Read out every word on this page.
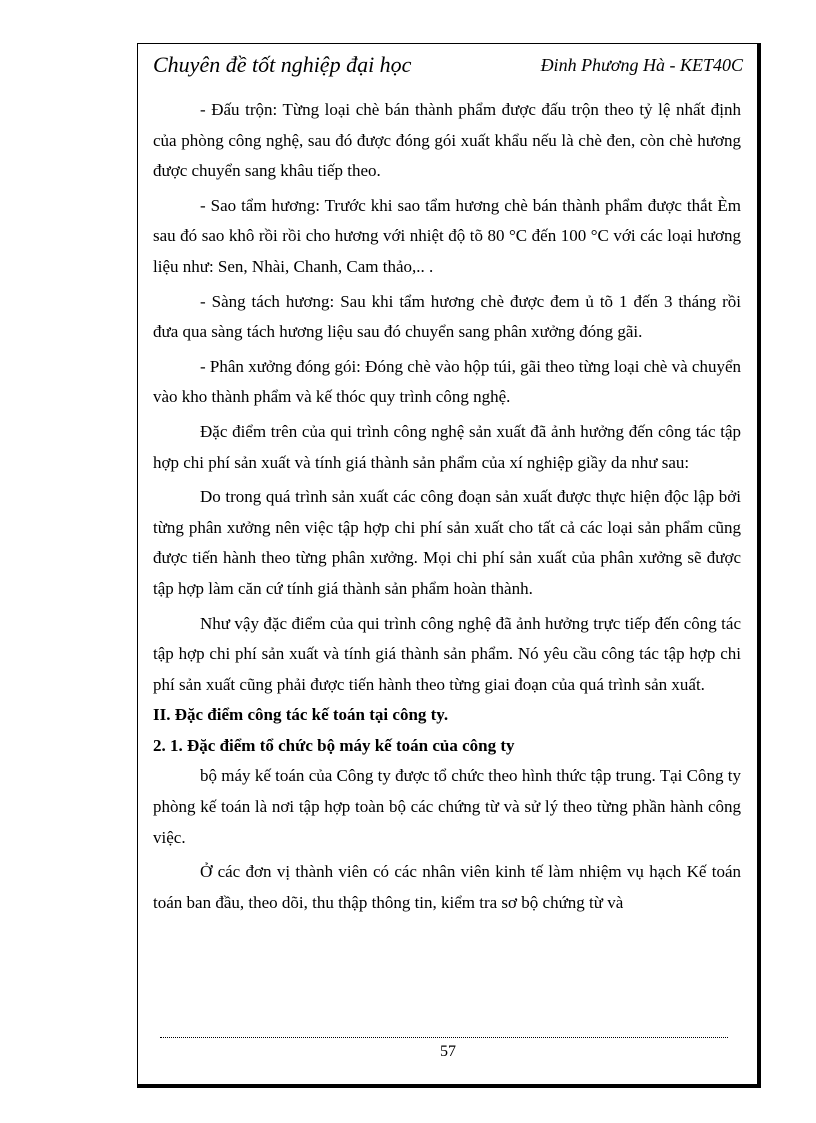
Chuyên đề tốt nghiệp đại học	Đinh Phương Hà - KET40C

- Đấu trộn: Từng loại chè bán thành phẩm được đấu trộn theo tỷ lệ nhất định của phòng công nghệ, sau đó được đóng gói xuất khẩu nếu là chè đen, còn chè hương được chuyển sang khâu tiếp theo.

- Sao tẩm hương: Trước khi sao tẩm hương chè bán thành phẩm được thắt Èm sau đó sao khô rồi rồi cho hương với nhiệt độ tõ 80 °C đến 100 °C với các loại hương liệu như: Sen, Nhài, Chanh, Cam thảo,.. .

- Sàng tách hương: Sau khi tẩm hương chè được đem ủ tõ 1 đến 3 tháng rồi đưa qua sàng tách hương liệu sau đó chuyển sang phân xưởng đóng gãi.

- Phân xưởng đóng gói: Đóng chè vào hộp túi, gãi theo từng loại chè và chuyển vào kho thành phẩm và kế thóc quy trình công nghệ.

Đặc điểm trên của qui trình công nghệ sản xuất đã ảnh hưởng đến công tác tập hợp chi phí sản xuất và tính giá thành sản phẩm của xí nghiệp giầy da như sau:

Do trong quá trình sản xuất các công đoạn sản xuất được thực hiện độc lập bởi từng phân xưởng nên việc tập hợp chi phí sản xuất cho tất cả các loại sản phẩm cũng được tiến hành theo từng phân xưởng. Mọi chi phí sản xuất của phân xưởng sẽ được tập hợp làm căn cứ tính giá thành sản phẩm hoàn thành.

Như vậy đặc điểm của qui trình công nghệ đã ảnh hưởng trực tiếp đến công tác tập hợp chi phí sản xuất và tính giá thành sản phẩm. Nó yêu cầu công tác tập hợp chi phí sản xuất cũng phải được tiến hành theo từng giai đoạn của quá trình sản xuất.

II. Đặc điểm công tác kế toán tại công ty.

2. 1. Đặc điểm tổ chức bộ máy kế toán của công ty

bộ máy kế toán của Công ty được tổ chức theo hình thức tập trung. Tại Công ty phòng kế toán là nơi tập hợp toàn bộ các chứng từ và sử lý theo từng phần hành công việc.

Ở các đơn vị thành viên có các nhân viên kinh tế làm nhiệm vụ hạch Kế toán toán ban đầu, theo dõi, thu thập thông tin, kiểm tra sơ bộ chứng từ và

57
